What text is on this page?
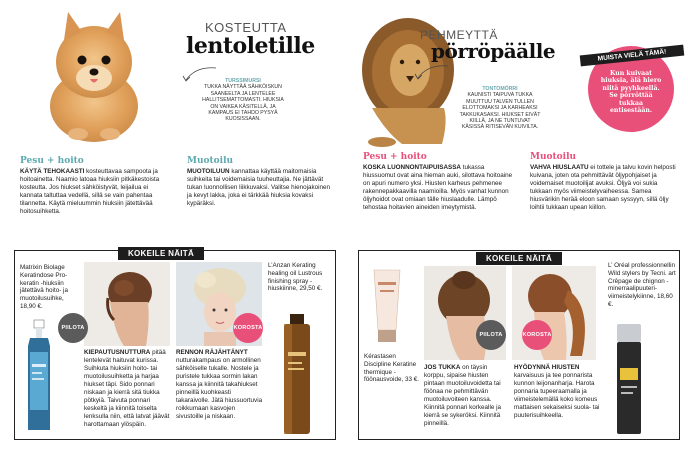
KOSTEUTTA
lentoletille
TURSSIMURSI
TUKKA NÄYTTÄÄ SÄHKÖISKUN SAANEELTA JA LENTELEE HALLITSEMATTOMASTI. HIUKSIA ON VAIKEA KÄSITELLÄ, JA KAMPAUS EI TAHDO PYSYÄ KUOSISSAAN.
Pesu + hoito
KÄYTÄ TEHOKAASTI kosteuttavaa sampoota ja hoitoainetta. Naamio latoaa hiuksiin pitkäkestoista kosteutta. Jos hiukset sähköistyvät, leijailua ei kannata taltuttaa vedellä, sillä se vain pahentaa tilannetta. Käytä mieluummin hiuksiin jätettävää hoitosuihketta.
Muotoilu
MUOTOILUUN kannattaa käyttää maitomaisia suihkeita tai voidemaisia tuuheuttajia. Ne jättävät tukan luonnollisen liikkuvaksi. Valitse hienojakoinen ja kevyt lakka, joka ei tärkkää hiuksia kovaksi kypäräksi.
KOKEILE NÄITÄ
Matrixin Biolage Keratindose Pro-keratin -hiuksiin jätettävä hoito- ja muotoilusuihke, 18,90 €.
PIILOTA	KOROSTA
L’Anzan Kerating healing oil Lustrous finishing spray -hiuskiinne, 29,50 €.
KIEPAUTUSNUTTURA pitää lentelevät haituvat kurissa. Suihkuta hiuksiin hoito- tai muotoilusuihketta ja harjaa hiukset täpi. Sido ponnari niskaan ja kierrä sitä tiukka pötkyiä. Taivuta ponnari keskeltä ja kiinnitä toiselta lenksulla niin, että latvat jäävät harottamaan ylöspäin.
RENNON RÄJÄHTÄNYT nutturakampaus on armollinen sähköiselle tukalle. Nostele ja puristele tukkaa sormin lakan kanssa ja kiinnitä takahiukset pinneillä kuohkeasti takaraivolle. Jätä hiussuortuvia roikkumaan kasvojen sivustoille ja niskaan.
PEHMEYTTÄ
pörröpäälle
TONTOMÖRRI
KAUNISTI TAIPUVA TUKKA MUUTTUU TALVEN TULLEN ELOTTOMAKSI JA KARHEAKSI TAKKUKASAKSI. HIUKSET EIVÄT KIILLÄ, JA NE TUNTUVAT KÄSISSÄ RITISEVÄN KUIVILTA.
MUISTA VIELÄ TÄMÄ!
Kun kuivaat hiuksia, älä hiero niitä pyyhkeellä. Se pörröttää tukkaa entisestään.
Pesu + hoito
KOSKA LUONNONTAIPUISASSA tukassa hiussuomut ovat aina hieman auki, silottava hoitoaine on apuri numero yksi. Hiusten karheus pehmenee rakennepakkaavilla naamioilla. Myös vanhat kunnon öljyhoidot ovat omiaan tälle hiuslaadulle. Lämpö tehostaa hoitavien aineiden imeytymistä.
Muotoilu
VAHVA HIUSLAATU ei tottele ja talvu kovin helposti kuivana, joten ota pehmittävät öljypohjaiset ja voidemaiset muotoilijat avuksi. Öljyä voi sukia tukkaan myös viimeistelyvaiheessa. Samea hiusvärikin herää eloon samaan syssyyn, sillä öljy loihtii tukkaan upean kiillon.
KOKEILE NÄITÄ
Kérastasen Discipline Keratine thermique -föönausvoide, 33 €.
PIILOTA	KOROSTA
L’ Oréal professionnellin Wild stylers by Tecni. art Crêpage de chignon -minerraalipuuteri-viimeistelykiinne, 18,60 €.
JOS TUKKA on täysin korppu, sipaise hiusten pintaan muotoiluvoidetta tai föönaa ne pehmittävän muotoiluvoiteen kanssa. Kiinnitä ponnari korkealle ja kierrä se sykeröksi. Kiinnitä pinneillä.
HYÖDYNNÄ HIUSTEN karvaisuus ja tee ponnarista kunnon leijonanharja. Harota ponnaria tupeeraamalla ja viimeistelemällä koko komeus mattaisen sekaiseksi suola- tai puuterisuihkeella.
